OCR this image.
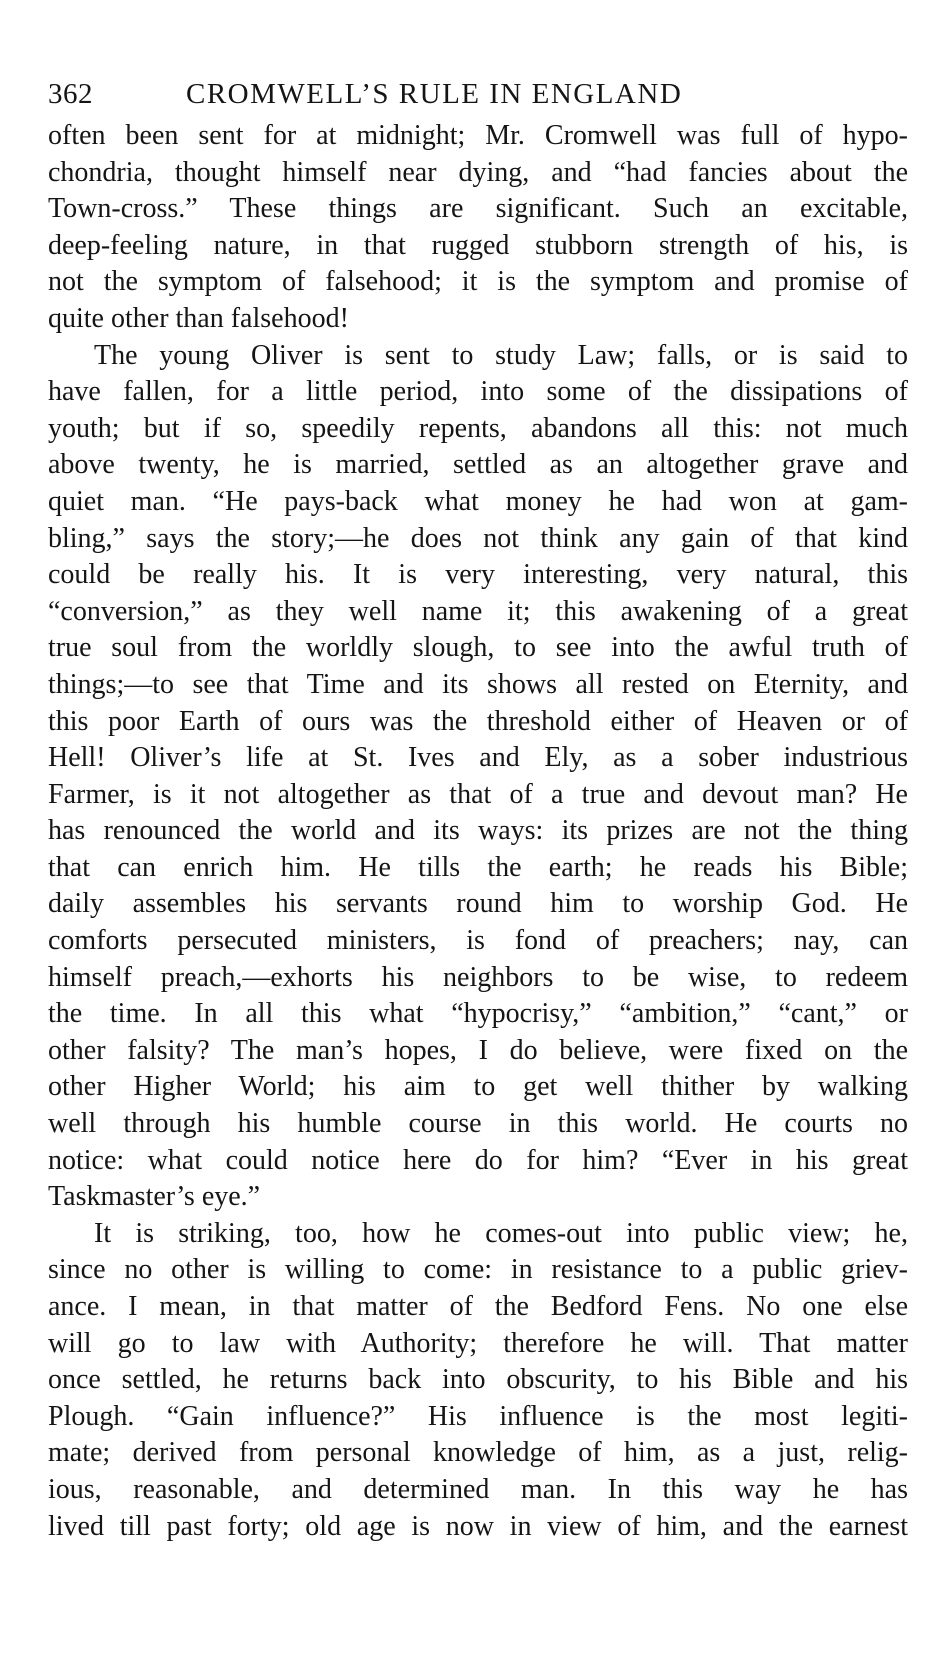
362	CROMWELL’S RULE IN ENGLAND
often been sent for at midnight; Mr. Cromwell was full of hypo-
chondria, thought himself near dying, and “had fancies about the
Town-cross.” These things are significant. Such an excitable,
deep-feeling nature, in that rugged stubborn strength of his, is
not the symptom of falsehood; it is the symptom and promise of
quite other than falsehood!
The young Oliver is sent to study Law; falls, or is said to
have fallen, for a little period, into some of the dissipations of
youth; but if so, speedily repents, abandons all this: not much
above twenty, he is married, settled as an altogether grave and
quiet man. “He pays-back what money he had won at gam-
bling,” says the story;—he does not think any gain of that kind
could be really his. It is very interesting, very natural, this
“conversion,” as they well name it; this awakening of a great
true soul from the worldly slough, to see into the awful truth of
things;—to see that Time and its shows all rested on Eternity, and
this poor Earth of ours was the threshold either of Heaven or of
Hell! Oliver’s life at St. Ives and Ely, as a sober industrious
Farmer, is it not altogether as that of a true and devout man? He
has renounced the world and its ways: its prizes are not the thing
that can enrich him. He tills the earth; he reads his Bible;
daily assembles his servants round him to worship God. He
comforts persecuted ministers, is fond of preachers; nay, can
himself preach,—exhorts his neighbors to be wise, to redeem
the time. In all this what “hypocrisy,” “ambition,” “cant,” or
other falsity? The man’s hopes, I do believe, were fixed on the
other Higher World; his aim to get well thither by walking
well through his humble course in this world. He courts no
notice: what could notice here do for him? “Ever in his great
Taskmaster’s eye.”
It is striking, too, how he comes-out into public view; he,
since no other is willing to come: in resistance to a public griev-
ance. I mean, in that matter of the Bedford Fens. No one else
will go to law with Authority; therefore he will. That matter
once settled, he returns back into obscurity, to his Bible and his
Plough. “Gain influence?” His influence is the most legiti-
mate; derived from personal knowledge of him, as a just, relig-
ious, reasonable, and determined man. In this way he has
lived till past forty; old age is now in view of him, and the earnest
